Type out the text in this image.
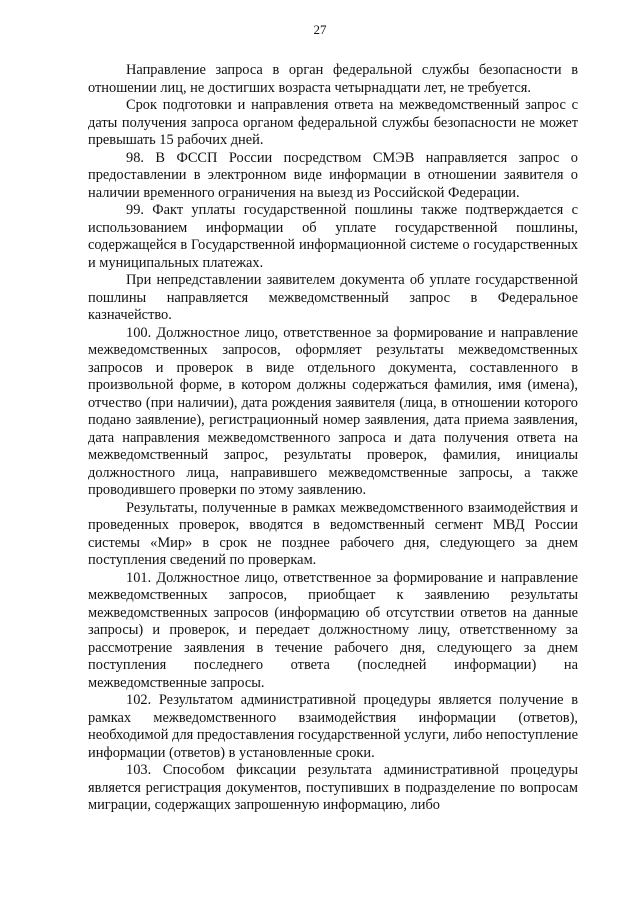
27

Направление запроса в орган федеральной службы безопасности в отношении лиц, не достигших возраста четырнадцати лет, не требуется.

Срок подготовки и направления ответа на межведомственный запрос с даты получения запроса органом федеральной службы безопасности не может превышать 15 рабочих дней.

98. В ФССП России посредством СМЭВ направляется запрос о предоставлении в электронном виде информации в отношении заявителя о наличии временного ограничения на выезд из Российской Федерации.

99. Факт уплаты государственной пошлины также подтверждается с использованием информации об уплате государственной пошлины, содержащейся в Государственной информационной системе о государственных и муниципальных платежах.

При непредставлении заявителем документа об уплате государственной пошлины направляется межведомственный запрос в Федеральное казначейство.

100. Должностное лицо, ответственное за формирование и направление межведомственных запросов, оформляет результаты межведомственных запросов и проверок в виде отдельного документа, составленного в произвольной форме, в котором должны содержаться фамилия, имя (имена), отчество (при наличии), дата рождения заявителя (лица, в отношении которого подано заявление), регистрационный номер заявления, дата приема заявления, дата направления межведомственного запроса и дата получения ответа на межведомственный запрос, результаты проверок, фамилия, инициалы должностного лица, направившего межведомственные запросы, а также проводившего проверки по этому заявлению.

Результаты, полученные в рамках межведомственного взаимодействия и проведенных проверок, вводятся в ведомственный сегмент МВД России системы «Мир» в срок не позднее рабочего дня, следующего за днем поступления сведений по проверкам.

101. Должностное лицо, ответственное за формирование и направление межведомственных запросов, приобщает к заявлению результаты межведомственных запросов (информацию об отсутствии ответов на данные запросы) и проверок, и передает должностному лицу, ответственному за рассмотрение заявления в течение рабочего дня, следующего за днем поступления последнего ответа (последней информации) на межведомственные запросы.

102. Результатом административной процедуры является получение в рамках межведомственного взаимодействия информации (ответов), необходимой для предоставления государственной услуги, либо непоступление информации (ответов) в установленные сроки.

103. Способом фиксации результата административной процедуры является регистрация документов, поступивших в подразделение по вопросам миграции, содержащих запрошенную информацию, либо
